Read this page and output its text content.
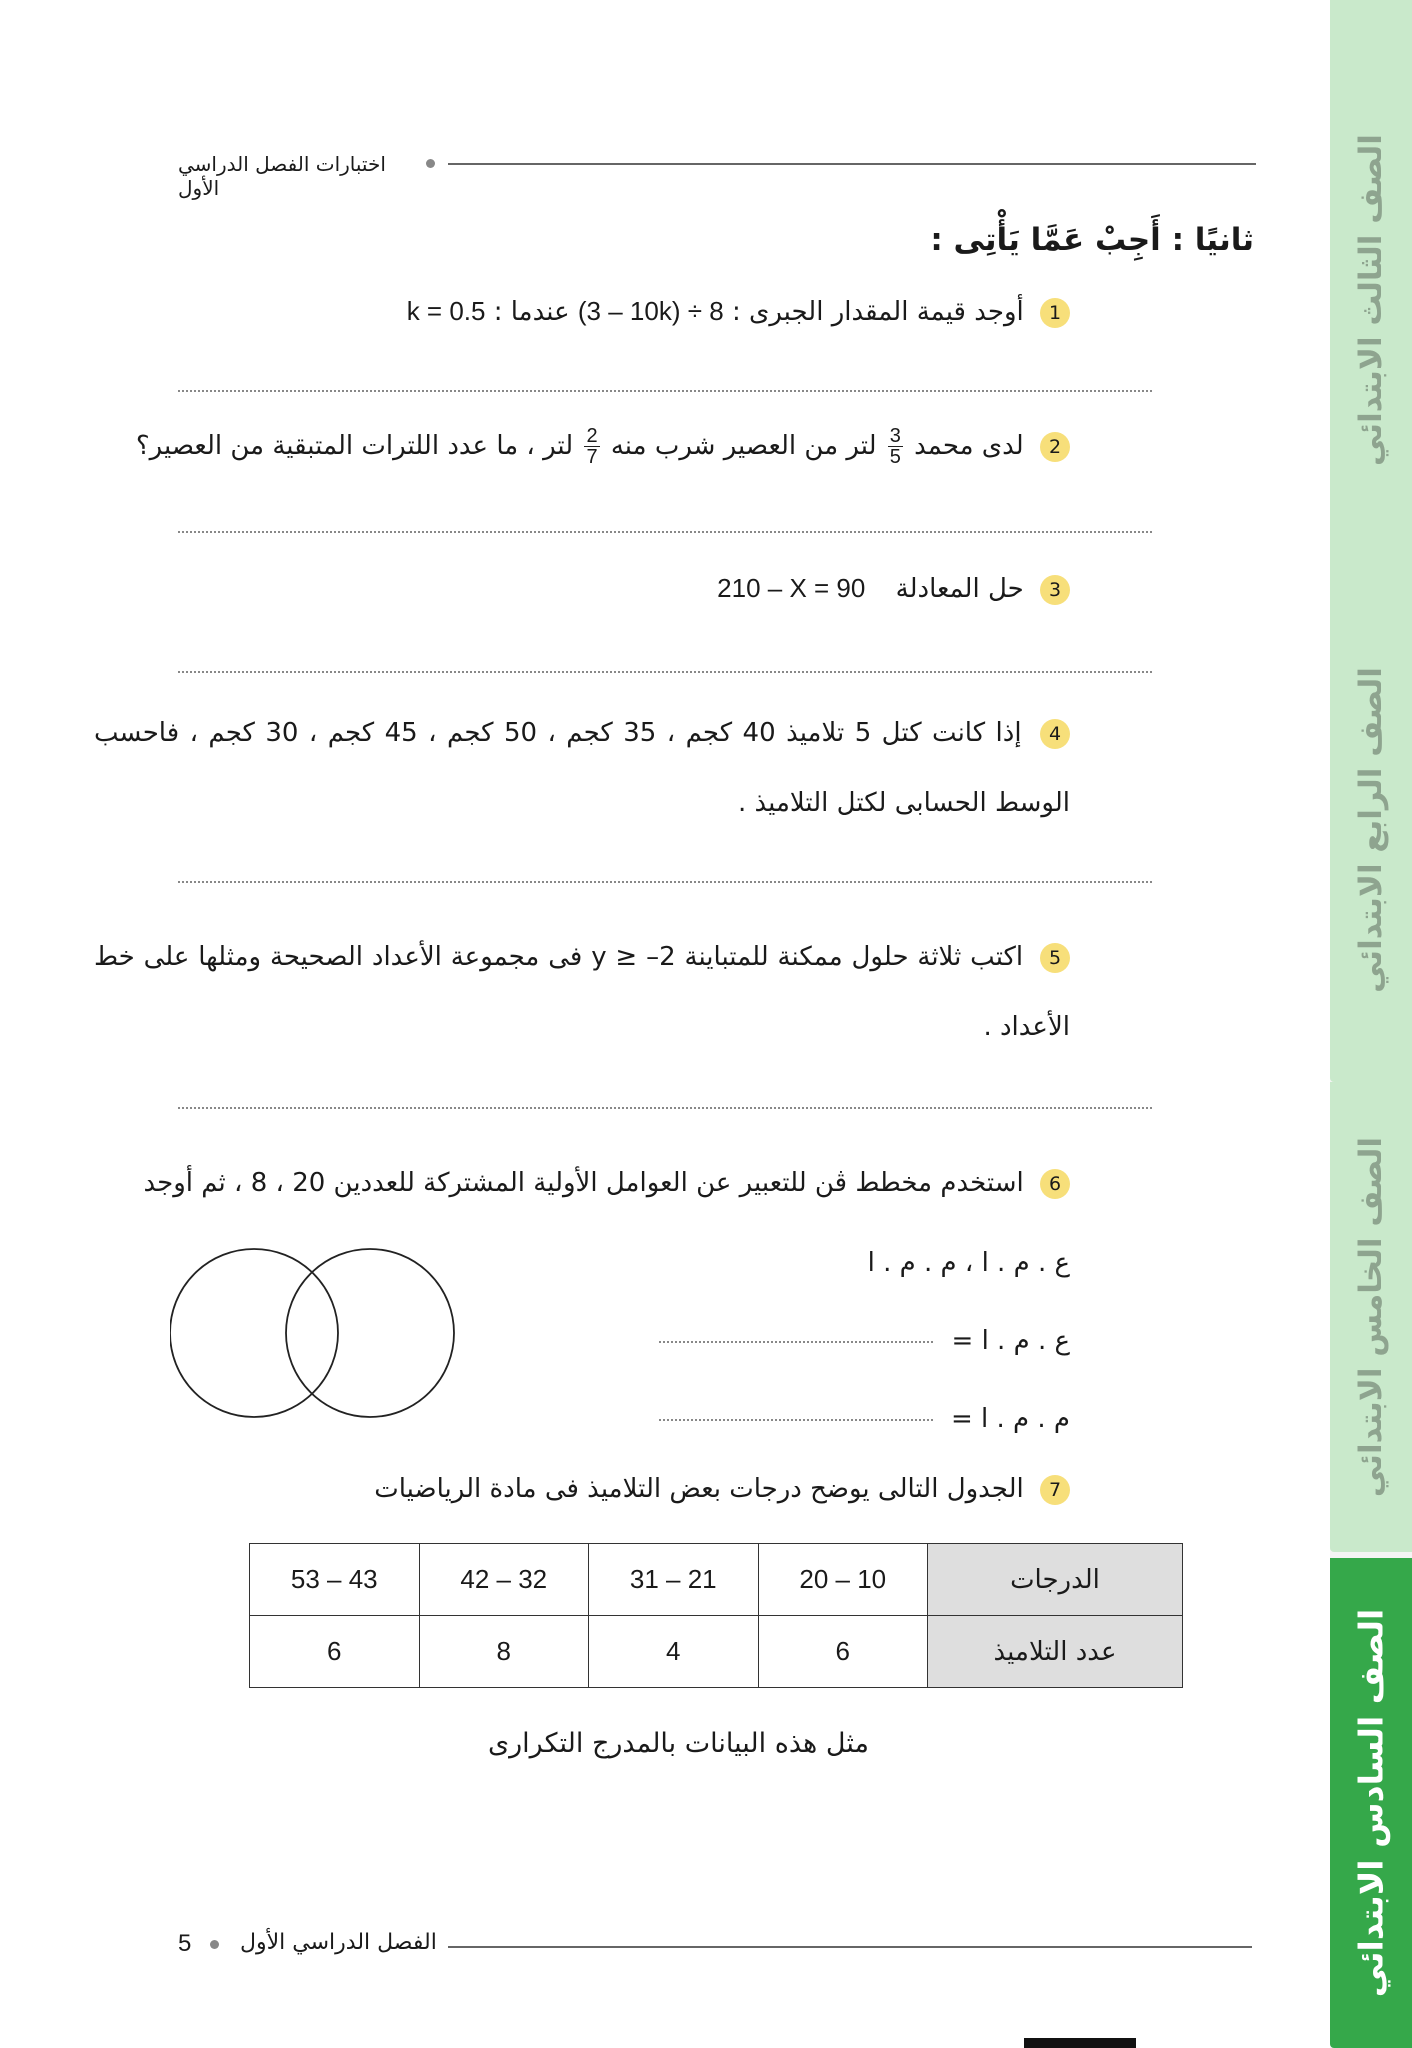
اختبارات الفصل الدراسي الأول
ثانيًا : أَجِبْ عَمَّا يَأْتِى :
1 أوجد قيمة المقدار الجبرى : (3 – 10k) ÷ 8 عندما : k = 0.5
2 لدى محمد
$\frac{3}{5}$
لتر من العصير شرب منه
$\frac{2}{7}$
لتر ، ما عدد اللترات المتبقية من العصير؟
3 حل المعادلة 210 – X = 90
4 إذا كانت كتل 5 تلاميذ 40 كجم ، 35 كجم ، 50 كجم ، 45 كجم ، 30 كجم ، فاحسب الوسط الحسابى لكتل التلاميذ .
5 اكتب ثلاثة حلول ممكنة للمتباينة 2– ≤ y فى مجموعة الأعداد الصحيحة ومثلها على خط الأعداد .
6 استخدم مخطط ڤن للتعبير عن العوامل الأولية المشتركة للعددين 20 ، 8 ، ثم أوجد
ع . م . ا ، م . م . ا
ع . م . ا =
م . م . ا =
7 الجدول التالى يوضح درجات بعض التلاميذ فى مادة الرياضيات
الدرجات	10 – 20	21 – 31	32 – 42	43 – 53
عدد التلاميذ	6	4	8	6
مثل هذه البيانات بالمدرج التكرارى
5 الفصل الدراسي الأول
الصف الثالث الابتدائي
الصف الرابع الابتدائي
الصف الخامس الابتدائي
الصف السادس الابتدائي
